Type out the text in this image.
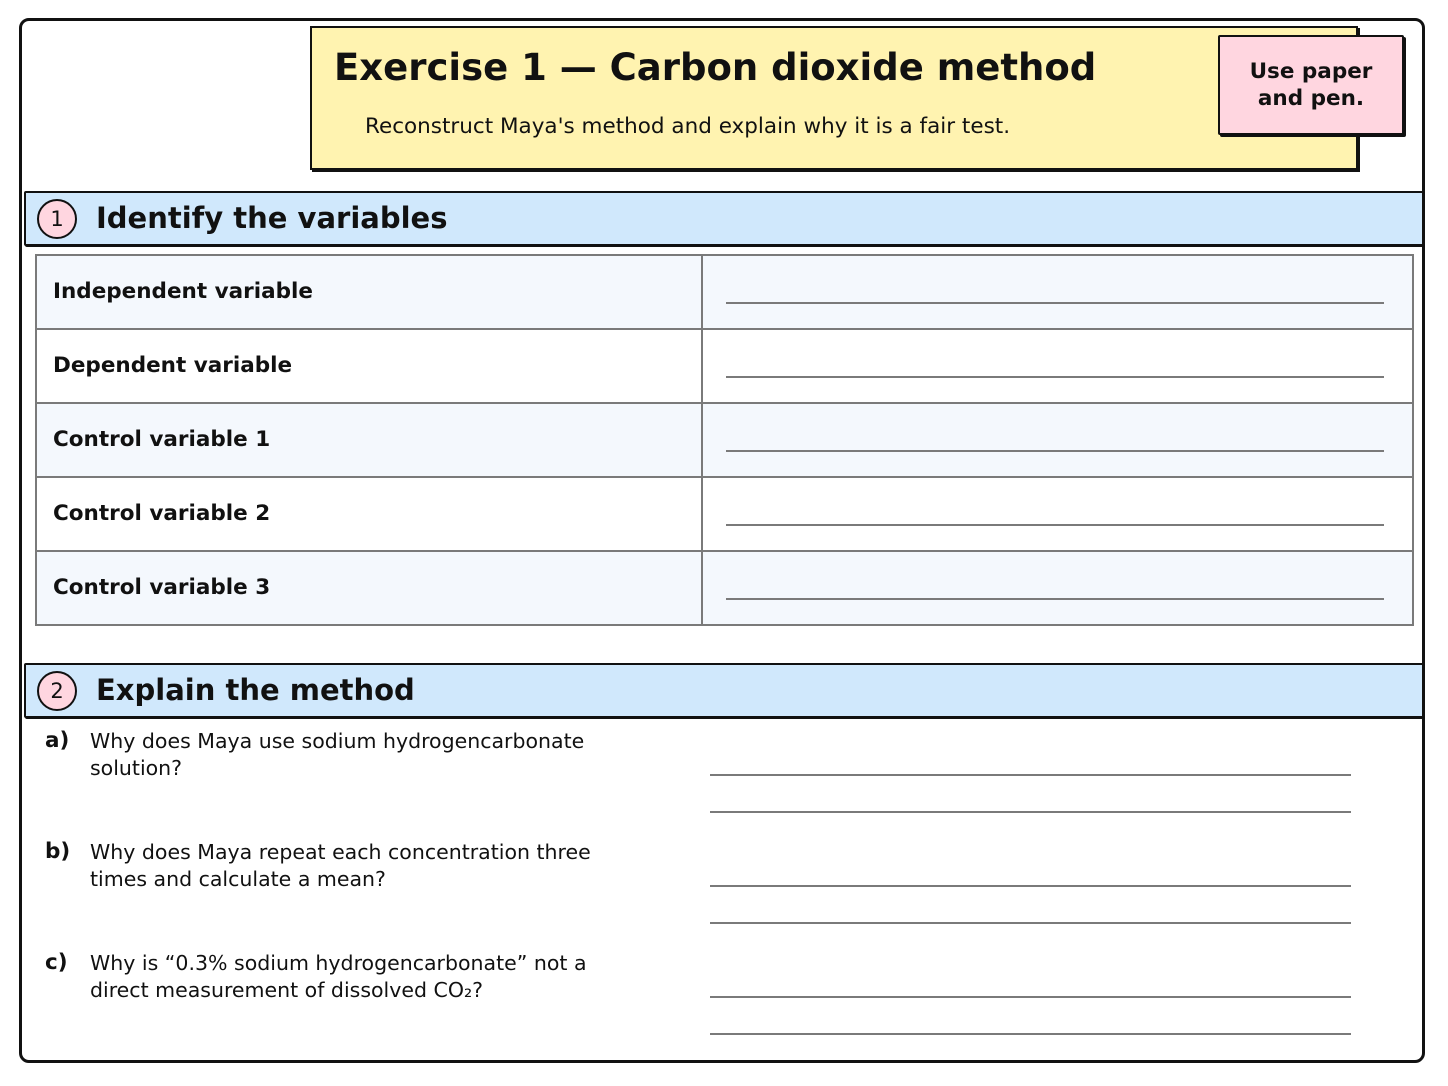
Exercise 1 — Carbon dioxide method
Reconstruct Maya's method and explain why it is a fair test.
Use paper
and pen.
1	Identify the variables
Independent variable	

Dependent variable	

Control variable 1	

Control variable 2	

Control variable 3	
2	Explain the method
a) Why does Maya use sodium hydrogencarbonate solution?
b) Why does Maya repeat each concentration three times and calculate a mean?
c) Why is “0.3% sodium hydrogencarbonate” not a direct measurement of dissolved CO₂?
